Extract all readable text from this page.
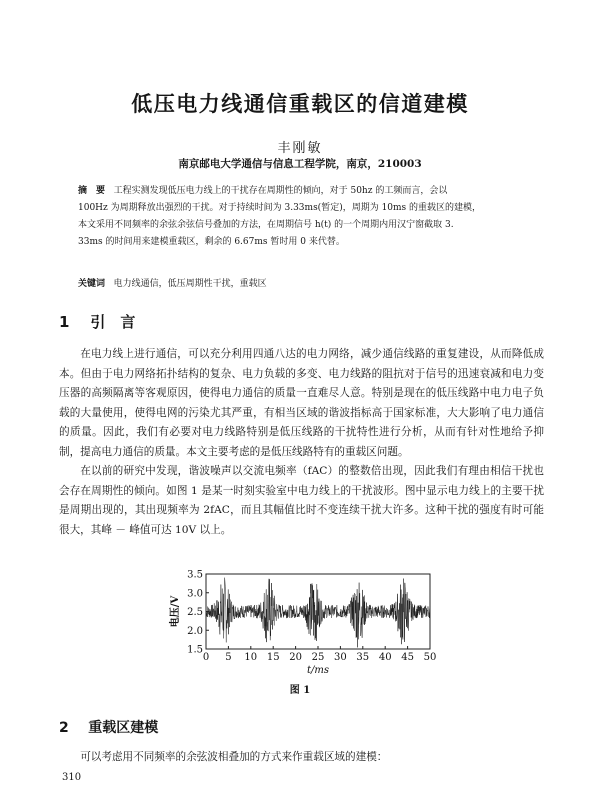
低压电力线通信重载区的信道建模
丰刚敏
南京邮电大学通信与信息工程学院，南京，210003
摘　要 工程实测发现低压电力线上的干扰存在周期性的倾向，对于 50hz 的工频而言，会以
100Hz 为周期释放出强烈的干扰。对于持续时间为 3.33ms(暂定)，周期为 10ms 的重载区的建模，
本文采用不同频率的余弦余弦信号叠加的方法，在周期信号 h(t) 的一个周期内用汉宁窗截取 3.
33ms 的时间用来建模重载区，剩余的 6.67ms 暂时用 0 来代替。
关键词 电力线通信，低压周期性干扰，重载区
1 引　言

在电力线上进行通信，可以充分利用四通八达的电力网络，减少通信线路的重复建设，从而降低成本。但由于电力网络拓扑结构的复杂、电力负载的多变、电力线路的阻抗对于信号的迅速衰减和电力变压器的高频隔离等客观原因，使得电力通信的质量一直难尽人意。特别是现在的低压线路中电力电子负载的大量使用，使得电网的污染尤其严重，有相当区域的谐波指标高于国家标准，大大影响了电力通信的质量。因此，我们有必要对电力线路特别是低压线路的干扰特性进行分析，从而有针对性地给予抑制，提高电力通信的质量。本文主要考虑的是低压线路特有的重载区问题。

在以前的研究中发现，谐波噪声以交流电频率（fAC）的整数倍出现，因此我们有理由相信干扰也会存在周期性的倾向。如图 1 是某一时刻实验室中电力线上的干扰波形。图中显示电力线上的主要干扰是周期出现的，其出现频率为 2fAC，而且其幅值比时不变连续干扰大许多。这种干扰的强度有时可能很大，其峰 － 峰值可达 10V 以上。

0 5 10 15 20 25 30 35 40 45 50
1.5
2.0
2.5
3.0
3.5
t/ms
电压/V
图 1
2 重载区建模

可以考虑用不同频率的余弦波相叠加的方式来作重载区域的建模：

310
